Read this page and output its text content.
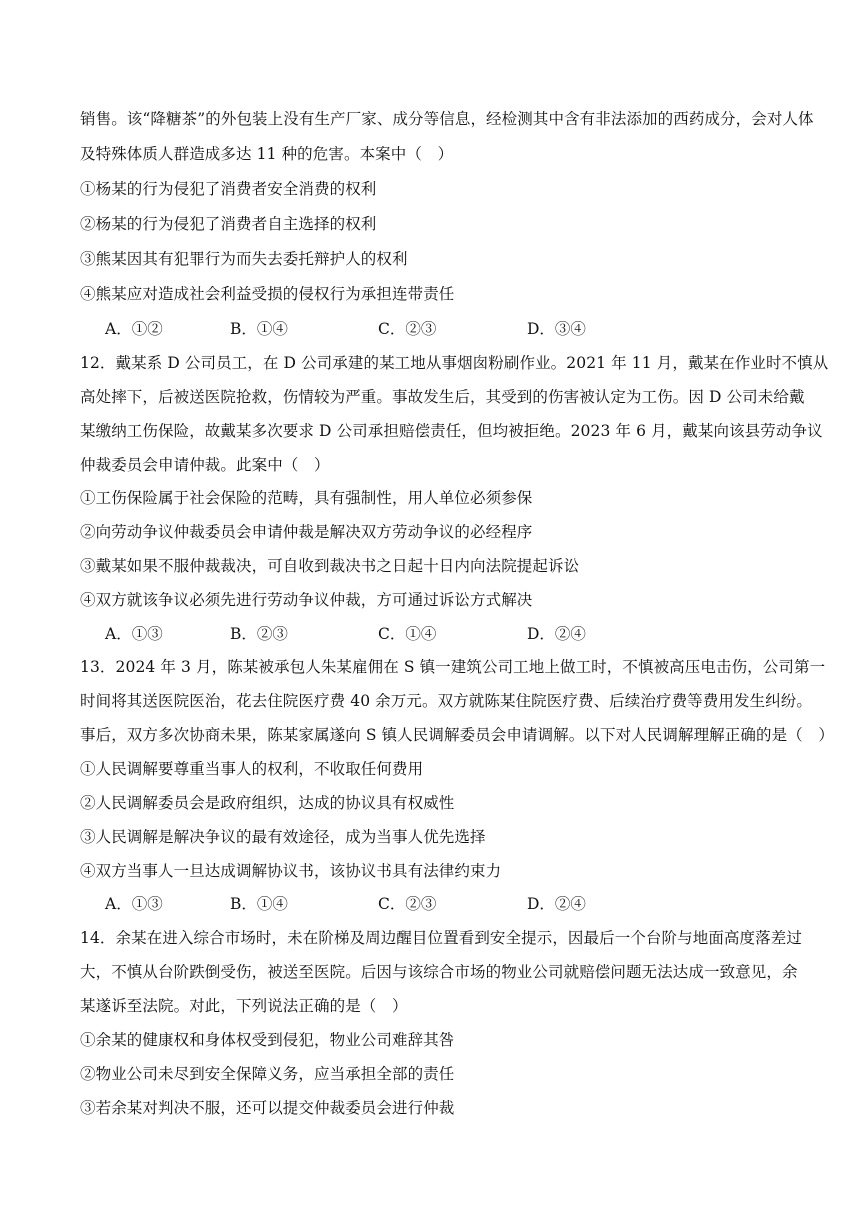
销售。该“降糖茶”的外包装上没有生产厂家、成分等信息，经检测其中含有非法添加的西药成分，会对人体
及特殊体质人群造成多达 11 种的危害。本案中（　）
①杨某的行为侵犯了消费者安全消费的权利
②杨某的行为侵犯了消费者自主选择的权利
③熊某因其有犯罪行为而失去委托辩护人的权利
④熊某应对造成社会利益受损的侵权行为承担连带责任
A．①②	B．①④	C．②③	D．③④
12．戴某系 D 公司员工，在 D 公司承建的某工地从事烟囱粉刷作业。2021 年 11 月，戴某在作业时不慎从
高处摔下，后被送医院抢救，伤情较为严重。事故发生后，其受到的伤害被认定为工伤。因 D 公司未给戴
某缴纳工伤保险，故戴某多次要求 D 公司承担赔偿责任，但均被拒绝。2023 年 6 月，戴某向该县劳动争议
仲裁委员会申请仲裁。此案中（　）
①工伤保险属于社会保险的范畴，具有强制性，用人单位必须参保
②向劳动争议仲裁委员会申请仲裁是解决双方劳动争议的必经程序
③戴某如果不服仲裁裁决，可自收到裁决书之日起十日内向法院提起诉讼
④双方就该争议必须先进行劳动争议仲裁，方可通过诉讼方式解决
A．①③	B．②③	C．①④	D．②④
13．2024 年 3 月，陈某被承包人朱某雇佣在 S 镇一建筑公司工地上做工时，不慎被高压电击伤，公司第一
时间将其送医院医治，花去住院医疗费 40 余万元。双方就陈某住院医疗费、后续治疗费等费用发生纠纷。
事后，双方多次协商未果，陈某家属遂向 S 镇人民调解委员会申请调解。以下对人民调解理解正确的是（　）
①人民调解要尊重当事人的权利，不收取任何费用
②人民调解委员会是政府组织，达成的协议具有权威性
③人民调解是解决争议的最有效途径，成为当事人优先选择
④双方当事人一旦达成调解协议书，该协议书具有法律约束力
A．①③	B．①④	C．②③	D．②④
14．余某在进入综合市场时，未在阶梯及周边醒目位置看到安全提示，因最后一个台阶与地面高度落差过
大，不慎从台阶跌倒受伤，被送至医院。后因与该综合市场的物业公司就赔偿问题无法达成一致意见，余
某遂诉至法院。对此，下列说法正确的是（　）
①余某的健康权和身体权受到侵犯，物业公司难辞其咎
②物业公司未尽到安全保障义务，应当承担全部的责任
③若余某对判决不服，还可以提交仲裁委员会进行仲裁
